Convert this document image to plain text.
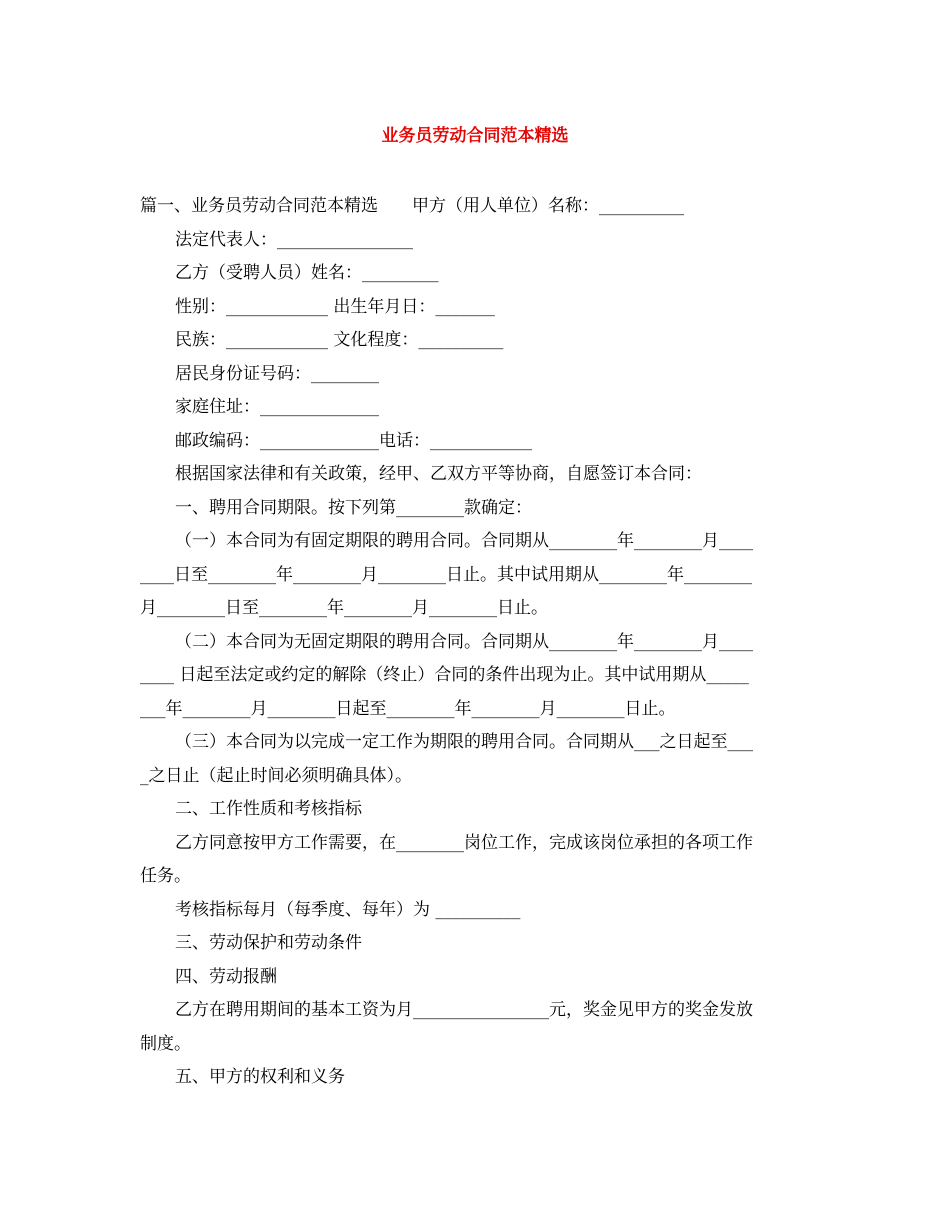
业务员劳动合同范本精选
篇一、业务员劳动合同范本精选　　甲方（用人单位）名称：__________
法定代表人：________________
乙方（受聘人员）姓名：_________
性别：____________ 出生年月日：_______
民族：____________ 文化程度：__________
居民身份证号码：________
家庭住址：______________
邮政编码：______________电话：____________
根据国家法律和有关政策，经甲、乙双方平等协商，自愿签订本合同：
一、聘用合同期限。按下列第________款确定：
（一）本合同为有固定期限的聘用合同。合同期从________年________月____
____日至________年________月________日止。其中试用期从________年________
月________日至________年________月________日止。
（二）本合同为无固定期限的聘用合同。合同期从________年________月____
____ 日起至法定或约定的解除（终止）合同的条件出现为止。其中试用期从_____
___年________月________日起至________年________月________日止。
（三）本合同为以完成一定工作为期限的聘用合同。合同期从___之日起至___
_之日止（起止时间必须明确具体）。
二、工作性质和考核指标
乙方同意按甲方工作需要，在________岗位工作，完成该岗位承担的各项工作
任务。
考核指标每月（每季度、每年）为 __________
三、劳动保护和劳动条件
四、劳动报酬
乙方在聘用期间的基本工资为月________________元，奖金见甲方的奖金发放
制度。
五、甲方的权利和义务
